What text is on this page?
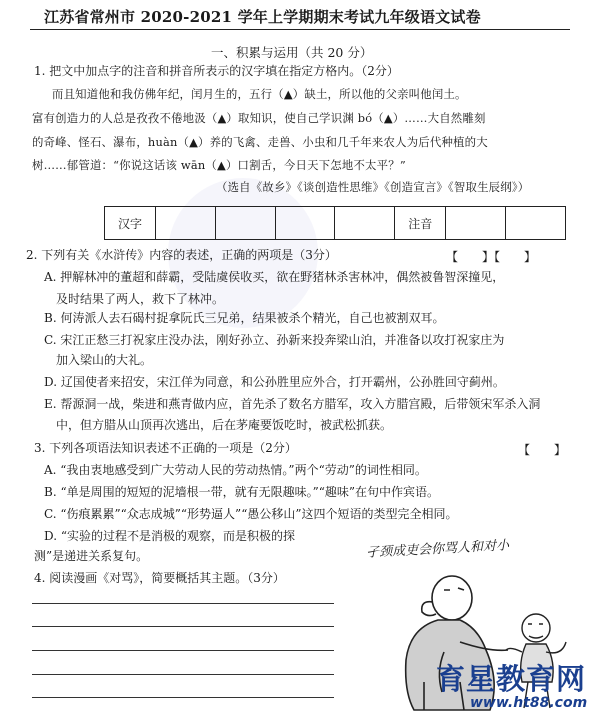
江苏省常州市 2020-2021 学年上学期期末考试九年级语文试卷
一、积累与运用（共 20 分）
1. 把文中加点字的注音和拼音所表示的汉字填在指定方格内。（2分）
而且知道他和我仿佛年纪，闰月生的，五行（▲）缺土，所以他的父亲叫他闰土。
富有创造力的人总是孜孜不倦地汲（▲）取知识，使自己学识渊 bó（▲）……大自然雕刻
的奇峰、怪石、瀑布，huàn（▲）养的飞禽、走兽、小虫和几千年来农人为后代种植的大
树……郁管道：“你说这话该 wān（▲）口割舌，今日天下怎地不太平？”
（选自《故乡》《谈创造性思维》《创造宣言》《智取生辰纲》）
汉字					注音		
2. 下列有关《水浒传》内容的表述，正确的两项是（3分）	【　　】【　　】
A. 押解林冲的董超和薛霸，受陆虞侯收买，欲在野猪林杀害林冲，偶然被鲁智深撞见，
及时结果了两人，救下了林冲。
B. 何涛派人去石碣村捉拿阮氏三兄弟，结果被杀个精光，自己也被割双耳。
C. 宋江正愁三打祝家庄没办法，刚好孙立、孙新来投奔梁山泊，并准备以攻打祝家庄为
加入梁山的大礼。
D. 辽国使者来招安，宋江佯为同意，和公孙胜里应外合，打开霸州，公孙胜回守蓟州。
E. 帮源洞一战，柴进和燕青做内应，首先杀了数名方腊军，攻入方腊宫殿，后带领宋军杀入洞
中，但方腊从山顶再次逃出，后在茅庵要饭吃时，被武松抓获。
3. 下列各项语法知识表述不正确的一项是（2分）	【　　】
A. “我由衷地感受到广大劳动人民的劳动热情。”两个“劳动”的词性相同。
B. “单是周围的短短的泥墙根一带，就有无限趣味。”“趣味”在句中作宾语。
C. “伤痕累累”“众志成城”“形势逼人”“愚公移山”这四个短语的类型完全相同。
D. “实验的过程不是消极的观察，而是积极的探
测”是递进关系复句。
4. 阅读漫画《对骂》，简要概括其主题。（3分）
孑颈成吏会你骂人和对小
育星教育网
www.ht88.com
